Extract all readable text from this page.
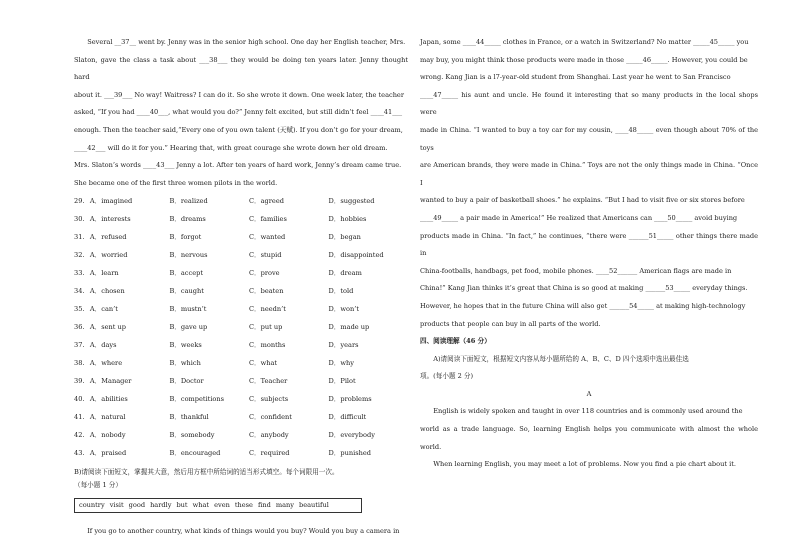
Several __37__ went by. Jenny was in the senior high school. One day her English teacher, Mrs.

Slaton, gave the class a task about ___38___ they would be doing ten years later. Jenny thought hard

about it. ___39___ No way! Waitress? I can do it. So she wrote it down. One week later, the teacher

asked, “If you had ____40___, what would you do?” Jenny felt excited, but still didn’t feel ____41___

enough. Then the teacher said,“Every one of you own talent (天赋). If you don’t go for your dream,

____42___ will do it for you.” Hearing that, with great courage she wrote down her old dream.

Mrs. Slaton’s words ____43___ Jenny a lot. After ten years of hard work, Jenny’s dream came true.

She became one of the first three women pilots in the world.

29. A．imagined	B．realized	C．agreed	D．suggested
30. A．interests	B．dreams	C．families	D．hobbies
31. A．refused	B．forgot	C．wanted	D．began
32. A．worried	B．nervous	C．stupid	D．disappointed
33. A．learn	B．accept	C．prove	D．dream
34. A．chosen	B．caught	C．beaten	D．told
35. A．can’t	B．mustn’t	C．needn’t	D．won’t
36. A．sent up	B．gave up	C．put up	D．made up
37. A．days	B．weeks	C．months	D．years
38. A．where	B．which	C．what	D．why
39. A．Manager	B．Doctor	C．Teacher	D．Pilot
40. A．abilities	B．competitions	C．subjects	D．problems
41. A．natural	B．thankful	C．confident	D．difficult
42. A．nobody	B．somebody	C．anybody	D．everybody
43. A．praised	B．encouraged	C．required	D．punished

B)请阅读下面短文，掌握其大意，然后用方框中所给词的适当形式填空。每个词限用一次。

（每小题 1 分）

country visit good hardly but what even these find many beautiful

If you go to another country, what kinds of things would you buy? Would you buy a camera in

Japan, some ____44_____ clothes in France, or a watch in Switzerland? No matter _____45_____ you

may buy, you might think those products were made in those _____46_____. However, you could be

wrong. Kang Jian is a l7-year-old student from Shanghai. Last year he went to San Francisco

____47_____ his aunt and uncle. He found it interesting that so many products in the local shops were

made in China. “I wanted to buy a toy car for my cousin, ____48_____ even though about 70% of the toys

are American brands, they were made in China.” Toys are not the only things made in China. “Once I

wanted to buy a pair of basketball shoes.” he explains. “But I had to visit five or six stores before

____49_____ a pair made in America!” He realized that Americans can ____50_____ avoid buying

products made in China. “In fact,” he continues, “there were ______51_____ other things there made in

China-footballs, handbags, pet food, mobile phones. ____52______ American flags are made in

China!” Kang Jian thinks it’s great that China is so good at making ______53_____ everyday things.

However, he hopes that in the future China will also get ______54_____ at making high-technology

products that people can buy in all parts of the world.

四、阅读理解（46 分）

A)请阅读下面短文，根据短文内容从每小题所给的 A、B、C、D 四个选项中选出最佳选

项。(每小题 2 分)

A

English is widely spoken and taught in over 118 countries and is commonly used around the

world as a trade language. So, learning English helps you communicate with almost the whole world.

When learning English, you may meet a lot of problems. Now you find a pie chart about it.
